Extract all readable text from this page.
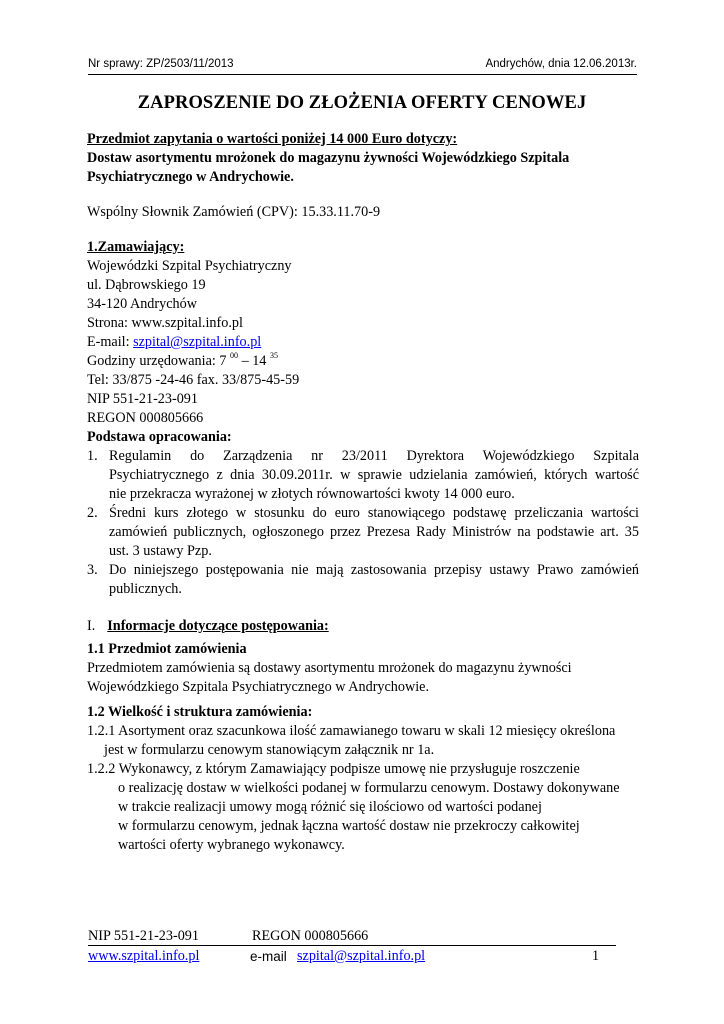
Nr sprawy: ZP/2503/11/2013	Andrychów, dnia 12.06.2013r.
ZAPROSZENIE DO ZŁOŻENIA OFERTY CENOWEJ

Przedmiot zapytania o wartości poniżej 14 000 Euro dotyczy:

Dostaw asortymentu mrożonek do magazynu żywności Wojewódzkiego Szpitala

Psychiatrycznego w Andrychowie.

Wspólny Słownik Zamówień (CPV): 15.33.11.70-9

1.Zamawiający:

Wojewódzki Szpital Psychiatryczny

ul. Dąbrowskiego 19

34-120 Andrychów

Strona: www.szpital.info.pl

E-mail: szpital@szpital.info.pl

Godziny urzędowania: 7 $^{00}$ – 14 $^{35}$

Tel: 33/875 -24-46 fax. 33/875-45-59

NIP 551-21-23-091

REGON 000805666

Podstawa opracowania:

1. Regulamin do Zarządzenia nr 23/2011 Dyrektora Wojewódzkiego Szpitala
Psychiatrycznego z dnia 30.09.2011r. w sprawie udzielania zamówień, których wartość
nie przekracza wyrażonej w złotych równowartości kwoty 14 000 euro.
2. Średni kurs złotego w stosunku do euro stanowiącego podstawę przeliczania wartości
zamówień publicznych, ogłoszonego przez Prezesa Rady Ministrów na podstawie art. 35
ust. 3 ustawy Pzp.
3. Do niniejszego postępowania nie mają zastosowania przepisy ustawy Prawo zamówień
publicznych.

I. Informacje dotyczące postępowania:

1.1 Przedmiot zamówienia

Przedmiotem zamówienia są dostawy asortymentu mrożonek do magazynu żywności

Wojewódzkiego Szpitala Psychiatrycznego w Andrychowie.

1.2 Wielkość i struktura zamówienia:

1.2.1 Asortyment oraz szacunkowa ilość zamawianego towaru w skali 12 miesięcy określona

jest w formularzu cenowym stanowiącym załącznik nr 1a.

1.2.2 Wykonawcy, z którym Zamawiający podpisze umowę nie przysługuje roszczenie

o realizację dostaw w wielkości podanej w formularzu cenowym. Dostawy dokonywane

w trakcie realizacji umowy mogą różnić się ilościowo od wartości podanej

w formularzu cenowym, jednak łączna wartość dostaw nie przekroczy całkowitej

wartości oferty wybranego wykonawcy.

NIP 551-21-23-091	REGON 000805666
www.szpital.info.pl	e-mail szpital@szpital.info.pl	1
